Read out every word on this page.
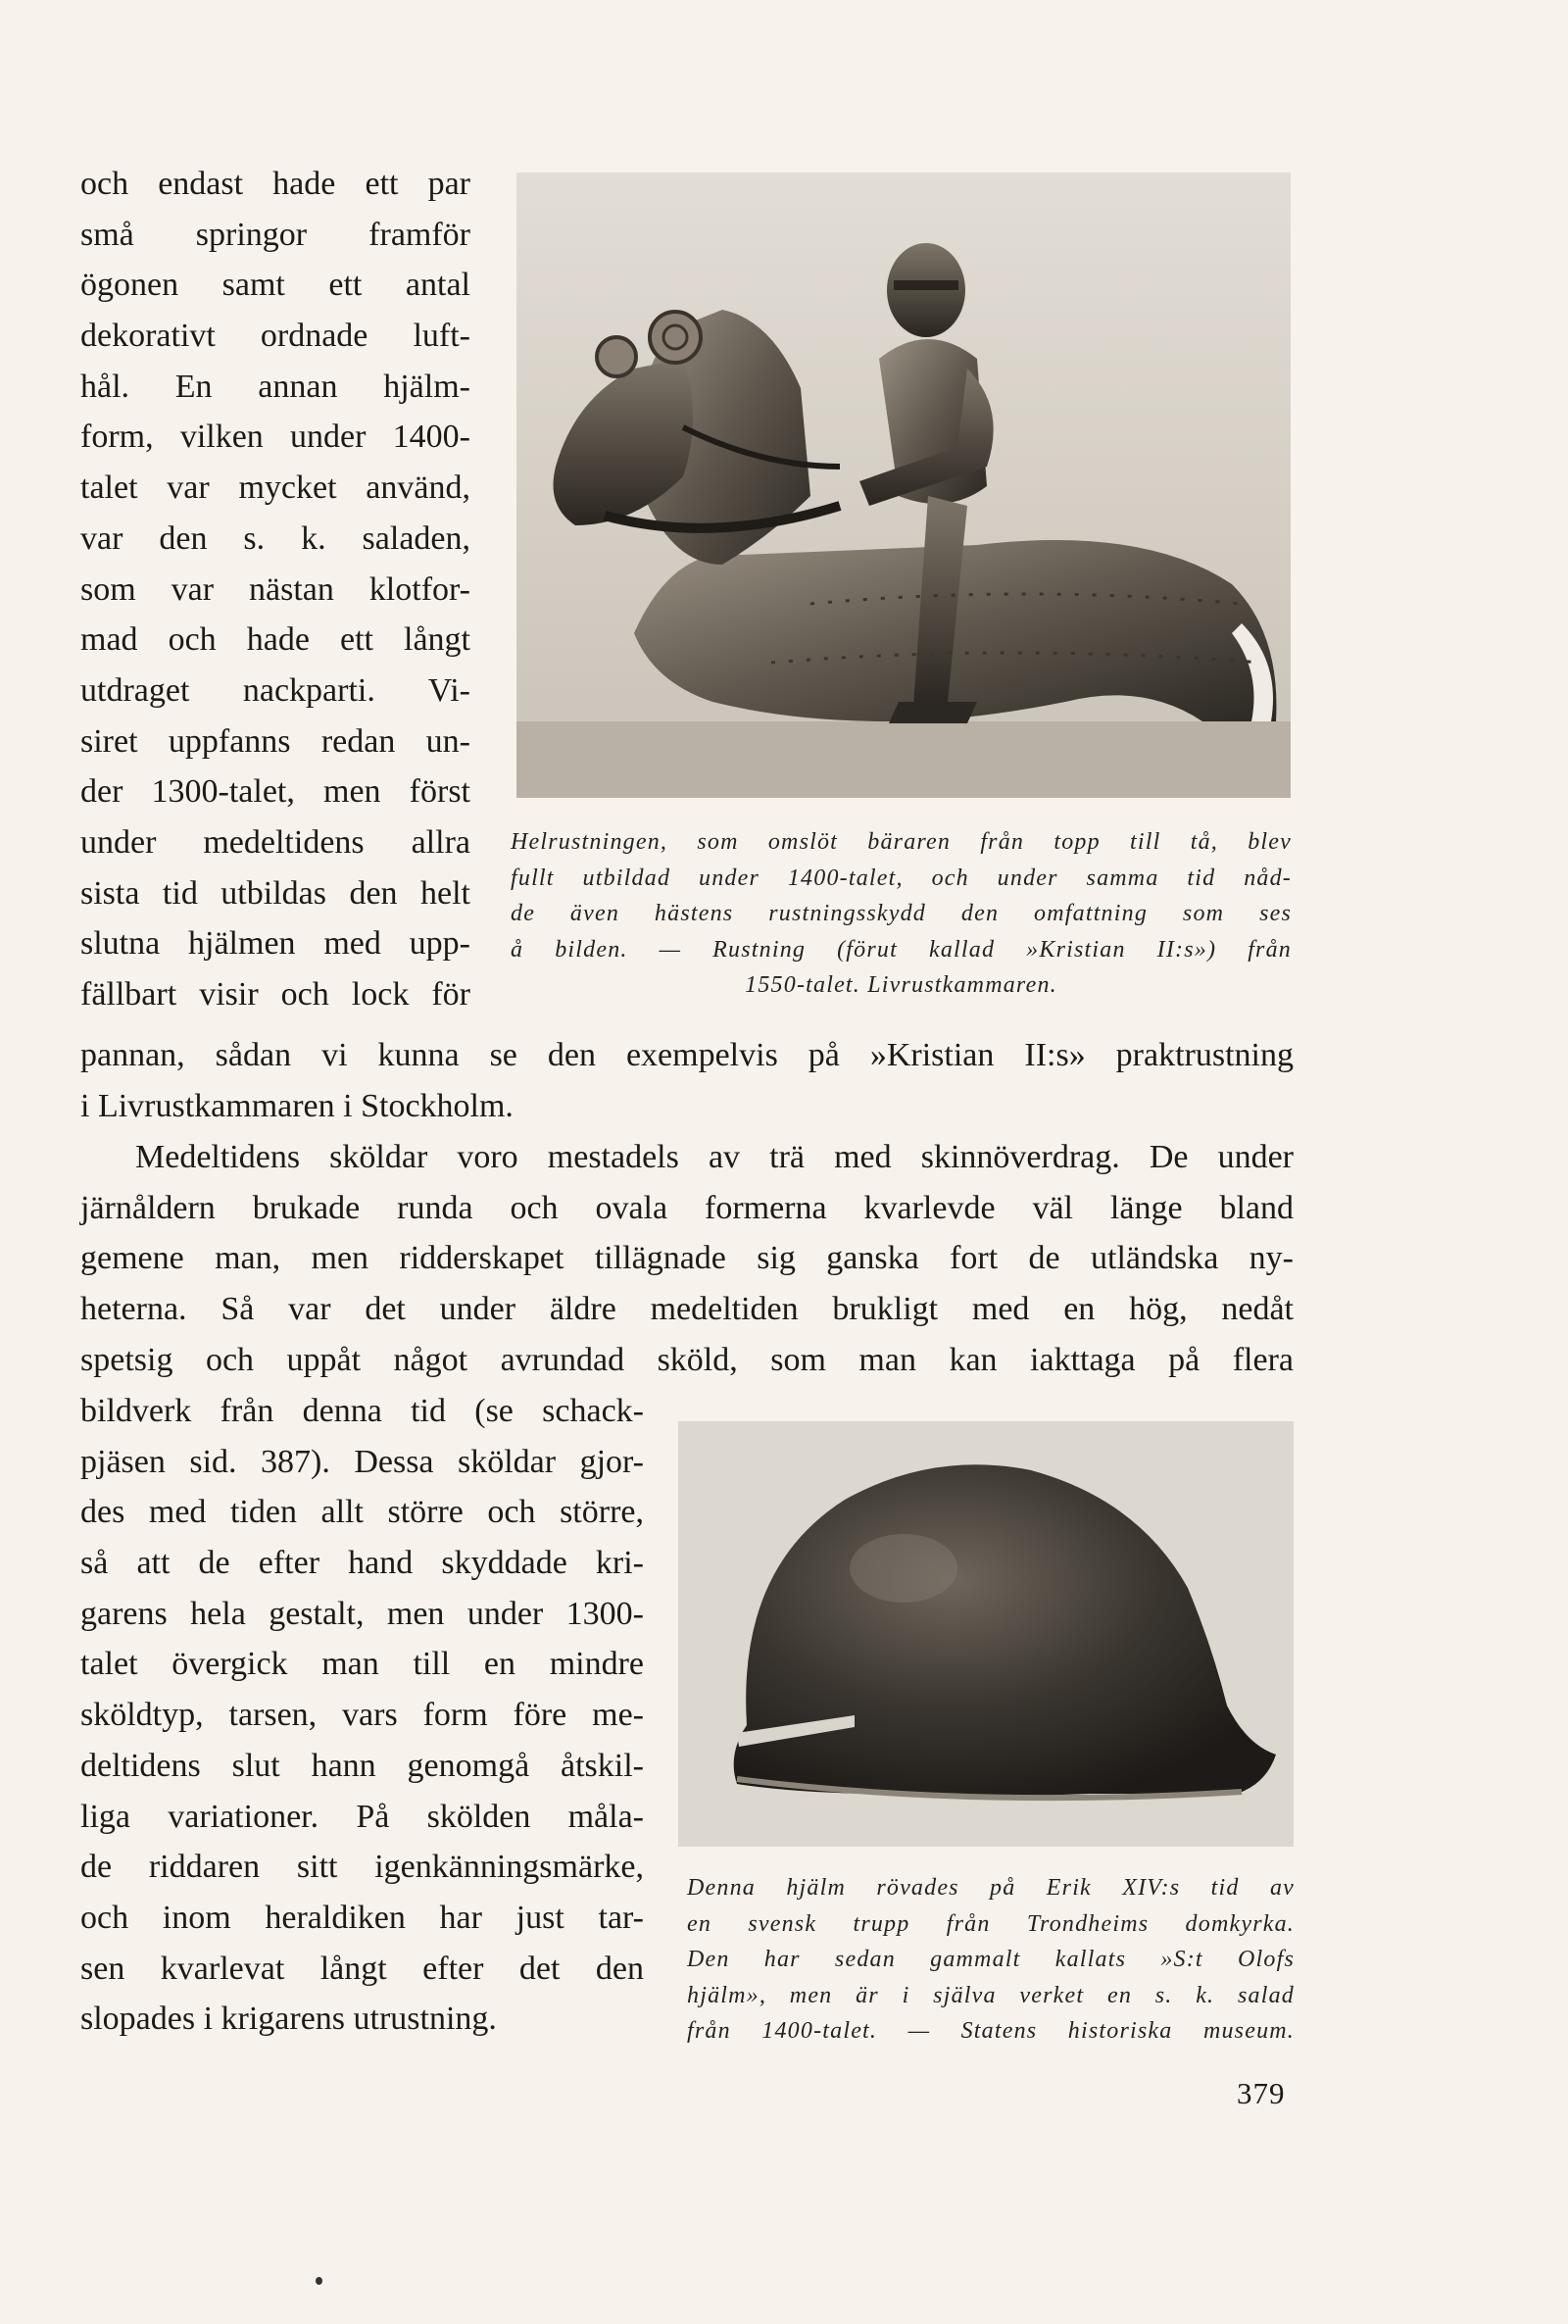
och endast hade ett par
små springor framför
ögonen samt ett antal
dekorativt ordnade luft-
hål. En annan hjälm-
form, vilken under 1400-
talet var mycket använd,
var den s. k. saladen,
som var nästan klotfor-
mad och hade ett långt
utdraget nackparti. Vi-
siret uppfanns redan un-
der 1300-talet, men först
under medeltidens allra
sista tid utbildas den helt
slutna hjälmen med upp-
fällbart visir och lock för
Helrustningen, som omslöt bäraren från topp till tå, blev
fullt utbildad under 1400-talet, och under samma tid nåd-
de även hästens rustningsskydd den omfattning som ses
å bilden. — Rustning (förut kallad »Kristian II:s») från
1550-talet. Livrustkammaren.
pannan, sådan vi kunna se den exempelvis på »Kristian II:s» praktrustning
i Livrustkammaren i Stockholm.
Medeltidens sköldar voro mestadels av trä med skinnöverdrag. De under
järnåldern brukade runda och ovala formerna kvarlevde väl länge bland
gemene man, men ridderskapet tillägnade sig ganska fort de utländska ny-
heterna. Så var det under äldre medeltiden brukligt med en hög, nedåt
spetsig och uppåt något avrundad sköld, som man kan iakttaga på flera
bildverk från denna tid (se schack-
pjäsen sid. 387). Dessa sköldar gjor-
des med tiden allt större och större,
så att de efter hand skyddade kri-
garens hela gestalt, men under 1300-
talet övergick man till en mindre
sköldtyp, tarsen, vars form före me-
deltidens slut hann genomgå åtskil-
liga variationer. På skölden måla-
de riddaren sitt igenkänningsmärke,
och inom heraldiken har just tar-
sen kvarlevat långt efter det den
slopades i krigarens utrustning.
Denna hjälm rövades på Erik XIV:s tid av
en svensk trupp från Trondheims domkyrka.
Den har sedan gammalt kallats »S:t Olofs
hjälm», men är i själva verket en s. k. salad
från 1400-talet. — Statens historiska museum.
379
